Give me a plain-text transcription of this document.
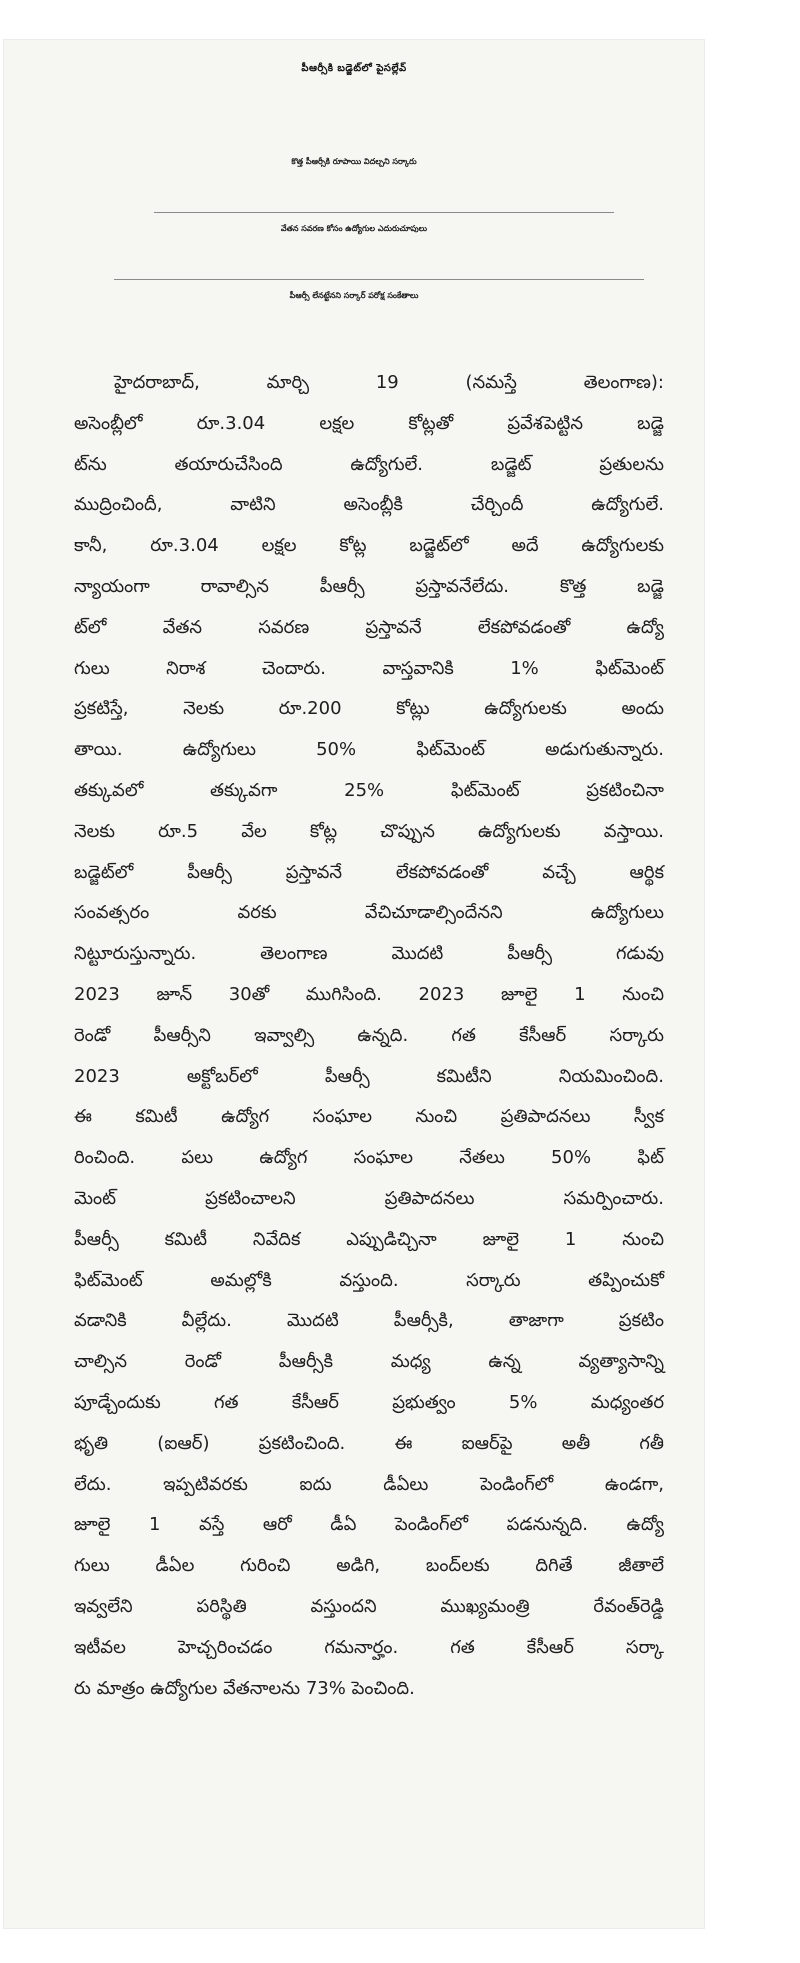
పీఆర్సీకి బడ్జెట్‌లో పైసల్లేవ్‌
కొత్త పీఆర్సీకి రూపాయి విదల్చని సర్కారు
వేతన సవరణ కోసం ఉద్యోగుల ఎదురుచూపులు
పీఆర్సీ లేనట్టేనని సర్కార్‌ పరోక్ష సంకేతాలు
హైదరాబాద్‌, మార్చి 19 (నమస్తే తెలంగాణ):
అసెంబ్లీలో రూ.3.04 లక్షల కోట్లతో ప్రవేశపెట్టిన బడ్జె
ట్‌ను తయారుచేసింది ఉద్యోగులే. బడ్జెట్‌ ప్రతులను
ముద్రించిందీ, వాటిని అసెంబ్లీకి చేర్చిందీ ఉద్యోగులే.
కానీ, రూ.3.04 లక్షల కోట్ల బడ్జెట్‌లో అదే ఉద్యోగులకు
న్యాయంగా రావాల్సిన పీఆర్సీ ప్రస్తావనేలేదు. కొత్త బడ్జె
ట్‌లో వేతన సవరణ ప్రస్తావనే లేకపోవడంతో ఉద్యో
గులు నిరాశ చెందారు. వాస్తవానికి 1% ఫిట్‌మెంట్‌
ప్రకటిస్తే, నెలకు రూ.200 కోట్లు ఉద్యోగులకు అందు
తాయి. ఉద్యోగులు 50% ఫిట్‌మెంట్‌ అడుగుతున్నారు.
తక్కువలో తక్కువగా 25% ఫిట్‌మెంట్‌ ప్రకటించినా
నెలకు రూ.5 వేల కోట్ల చొప్పున ఉద్యోగులకు వస్తాయి.
బడ్జెట్‌లో పీఆర్సీ ప్రస్తావనే లేకపోవడంతో వచ్చే ఆర్థిక
సంవత్సరం వరకు వేచిచూడాల్సిందేనని ఉద్యోగులు
నిట్టూరుస్తున్నారు. తెలంగాణ మొదటి పీఆర్సీ గడువు
2023 జూన్‌ 30తో ముగిసింది. 2023 జూలై 1 నుంచి
రెండో పీఆర్సీని ఇవ్వాల్సి ఉన్నది. గత కేసీఆర్‌ సర్కారు
2023 అక్టోబర్‌లో పీఆర్సీ కమిటీని నియమించింది.
ఈ కమిటీ ఉద్యోగ సంఘాల నుంచి ప్రతిపాదనలు స్వీక
రించింది. పలు ఉద్యోగ సంఘాల నేతలు 50% ఫిట్‌
మెంట్‌ ప్రకటించాలని ప్రతిపాదనలు సమర్పించారు.
పీఆర్సీ కమిటీ నివేదిక ఎప్పుడిచ్చినా జూలై 1 నుంచి
ఫిట్‌మెంట్‌ అమల్లోకి వస్తుంది. సర్కారు తప్పించుకో
వడానికి వీల్లేదు. మొదటి పీఆర్సీకి, తాజాగా ప్రకటిం
చాల్సిన రెండో పీఆర్సీకి మధ్య ఉన్న వ్యత్యాసాన్ని
పూడ్చేందుకు గత కేసీఆర్‌ ప్రభుత్వం 5% మధ్యంతర
భృతి (ఐఆర్‌) ప్రకటించింది. ఈ ఐఆర్‌పై అతీ గతీ
లేదు. ఇప్పటివరకు ఐదు డీఏలు పెండింగ్‌లో ఉండగా,
జూలై 1 వస్తే ఆరో డీఏ పెండింగ్‌లో పడనున్నది. ఉద్యో
గులు డీఏల గురించి అడిగి, బంద్‌లకు దిగితే జీతాలే
ఇవ్వలేని పరిస్థితి వస్తుందని ముఖ్యమంత్రి రేవంత్‌రెడ్డి
ఇటీవల హెచ్చరించడం గమనార్హం. గత కేసీఆర్‌ సర్కా
రు మాత్రం ఉద్యోగుల వేతనాలను 73% పెంచింది.
